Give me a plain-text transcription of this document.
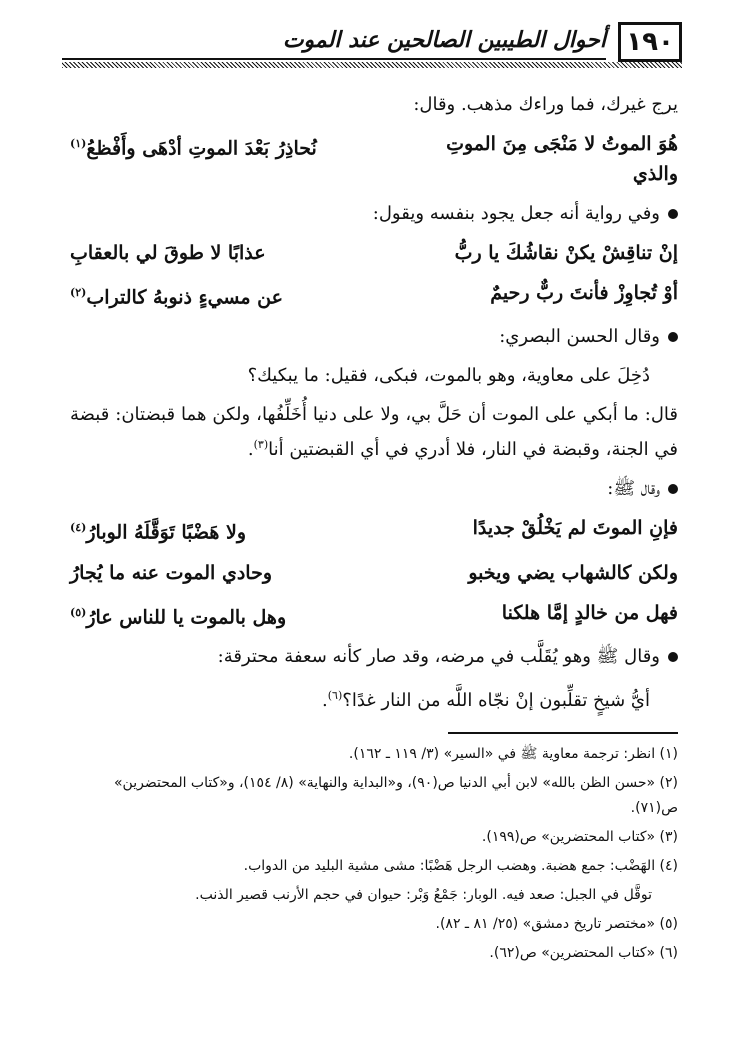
١٩٠
أحوال الطيبين الصالحين عند الموت

يرج غيرك، فما وراءك مذهب. وقال:

هُوَ الموتُ لا مَنْجَى مِنَ الموتِ والذي
نُحاذِرُ بَعْدَ الموتِ أدْهَى وأَفْظعُ$^{(١)}$

وفي رواية أنه جعل يجود بنفسه ويقول:

إنْ تناقِشْ يكنْ نقاشُكَ يا ربُّ
عذابًا لا طوقَ لي بالعقابِ
أوْ تُجاوِزْ فأنتَ ربٌّ رحيمٌ
عن مسيءٍ ذنوبهُ كالتراب$^{(٢)}$

وقال الحسن البصري:

دُخِلَ على معاوية، وهو بالموت، فبكى، فقيل: ما يبكيك؟

قال: ما أبكي على الموت أن حَلَّ بي، ولا على دنيا أُخَلِّفُها، ولكن هما قبضتان: قبضة في الجنة، وقبضة في النار، فلا أدري في أي القبضتين أنا$^{(٣)}$.

وقال ﷺ:

فإنِ الموتَ لم يَخْلُقْ جديدًا
ولا هَضْبًا تَوَقَّلَهُ الوبارُ$^{(٤)}$
ولكن كالشهاب يضي ويخبو
وحادي الموت عنه ما يُجارُ
فهل من خالدٍ إمَّا هلكنا
وهل بالموت يا للناس عارُ$^{(٥)}$

وقال ﷺ وهو يُقَلَّب في مرضه، وقد صار كأنه سعفة محترقة:

أيُّ شيخٍ تقلِّبون إنْ نجّاه اللَّه من النار غدًا؟$^{(٦)}$.

(١) انظر: ترجمة معاوية ﷺ في «السير» (٣/ ١١٩ ـ ١٦٢).

(٢) «حسن الظن بالله» لابن أبي الدنيا ص(٩٠)، و«البداية والنهاية» (٨/ ١٥٤)، و«كتاب المحتضرين» ص(٧١).

(٣) «كتاب المحتضرين» ص(١٩٩).

(٤) الهَضْب: جمع هضبة. وهضب الرجل هَضْبًا: مشى مشية البليد من الدواب.

توقَّل في الجبل: صعد فيه. الوبار: جَمْعُ وَبْر: حيوان في حجم الأرنب قصير الذنب.

(٥) «مختصر تاريخ دمشق» (٢٥/ ٨١ ـ ٨٢).

(٦) «كتاب المحتضرين» ص(٦٢).
